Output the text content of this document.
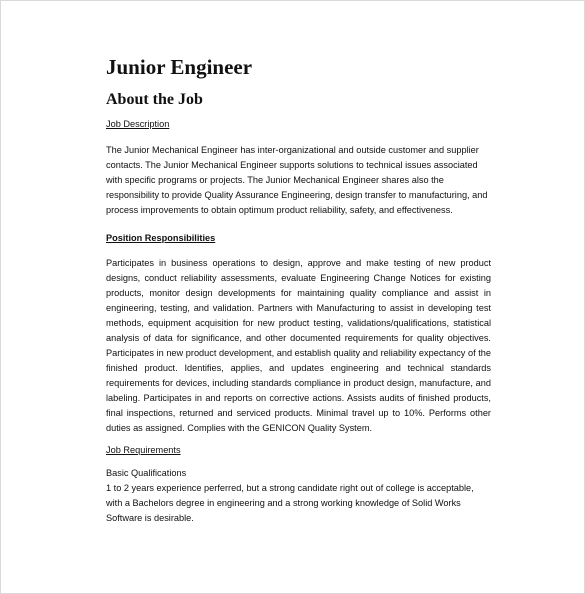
Junior Engineer
About the Job

Job Description

The Junior Mechanical Engineer has inter-organizational and outside customer and supplier contacts. The Junior Mechanical Engineer supports solutions to technical issues associated with specific programs or projects. The Junior Mechanical Engineer shares also the responsibility to provide Quality Assurance Engineering, design transfer to manufacturing, and process improvements to obtain optimum product reliability, safety, and effectiveness.

Position Responsibilities

Participates in business operations to design, approve and make testing of new product designs, conduct reliability assessments, evaluate Engineering Change Notices for existing products, monitor design developments for maintaining quality compliance and assist in engineering, testing, and validation. Partners with Manufacturing to assist in developing test methods, equipment acquisition for new product testing, validations/qualifications, statistical analysis of data for significance, and other documented requirements for quality objectives. Participates in new product development, and establish quality and reliability expectancy of the finished product. Identifies, applies, and updates engineering and technical standards requirements for devices, including standards compliance in product design, manufacture, and labeling. Participates in and reports on corrective actions. Assists audits of finished products, final inspections, returned and serviced products. Minimal travel up to 10%. Performs other duties as assigned. Complies with the GENICON Quality System.

Job Requirements

Basic Qualifications

1 to 2 years experience perferred, but a strong candidate right out of college is acceptable, with a Bachelors degree in engineering and a strong working knowledge of Solid Works Software is desirable.
